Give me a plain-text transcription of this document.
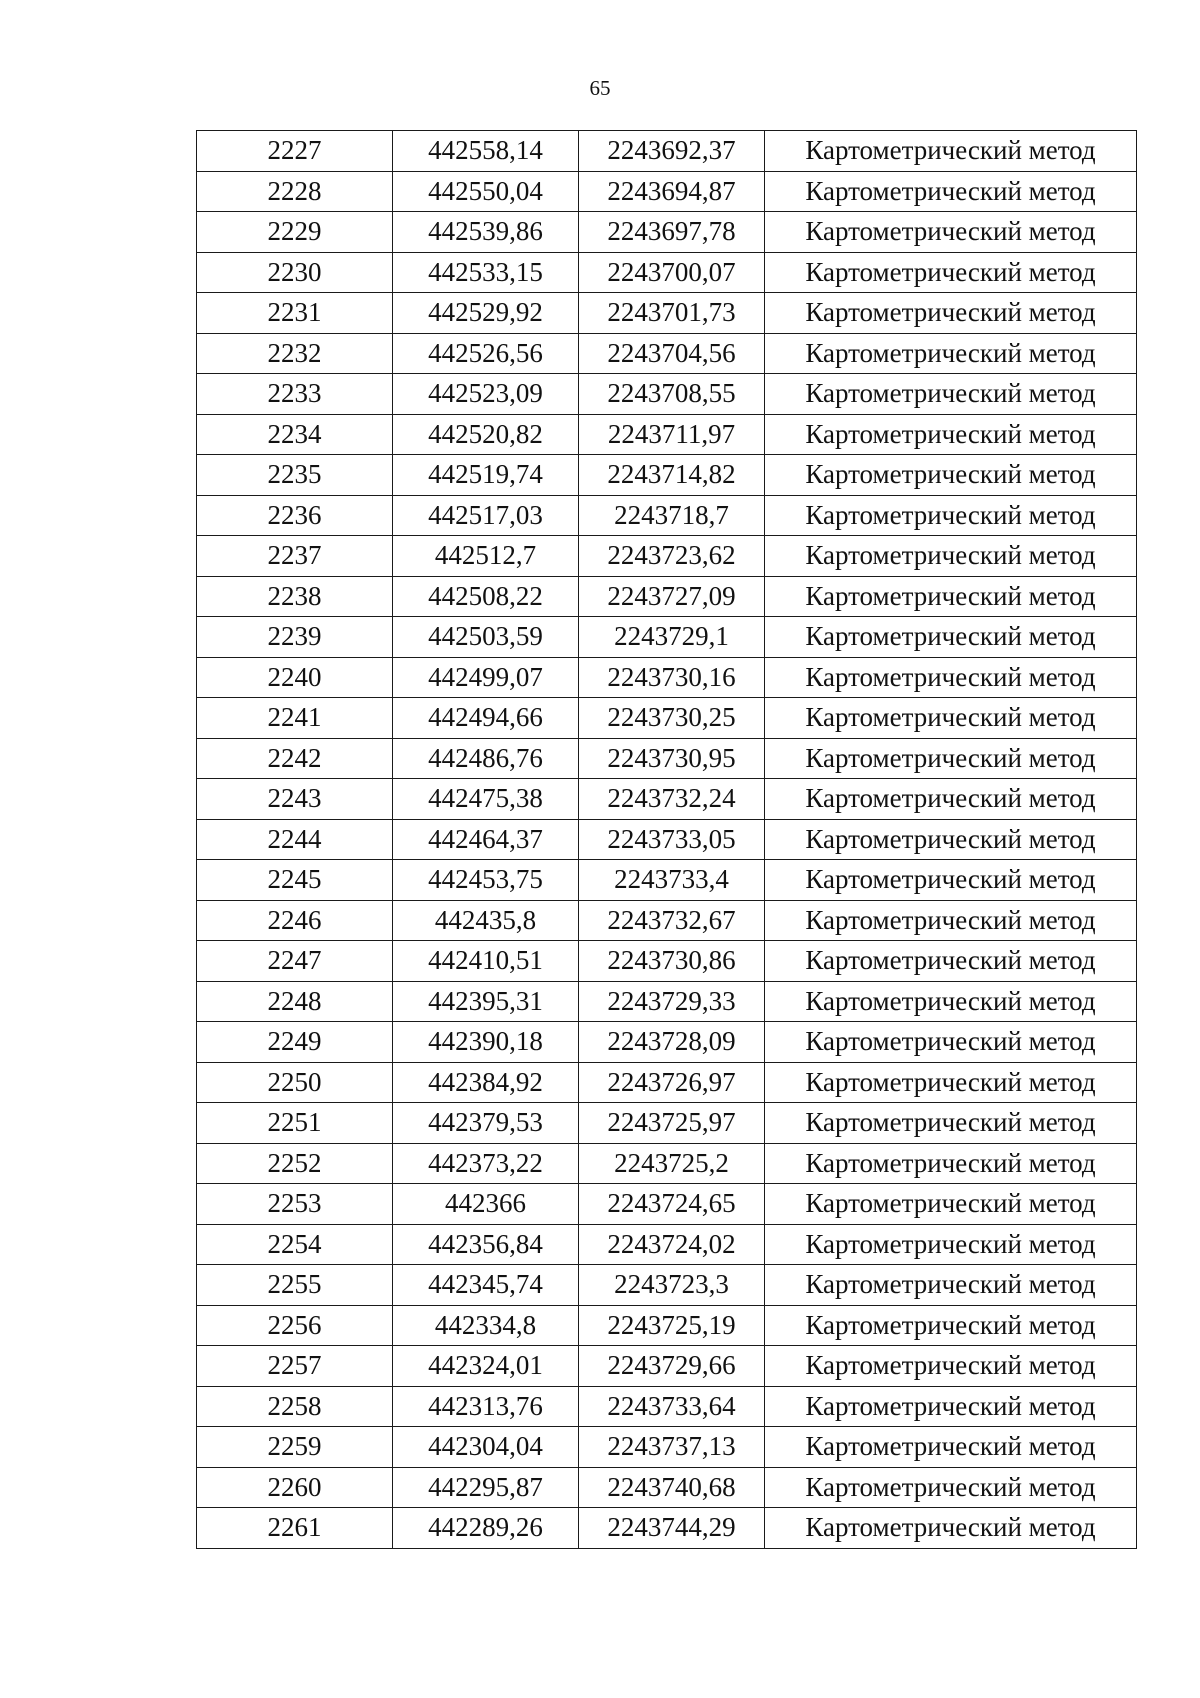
65
2227	442558,14	2243692,37	Картометрический метод
2228	442550,04	2243694,87	Картометрический метод
2229	442539,86	2243697,78	Картометрический метод
2230	442533,15	2243700,07	Картометрический метод
2231	442529,92	2243701,73	Картометрический метод
2232	442526,56	2243704,56	Картометрический метод
2233	442523,09	2243708,55	Картометрический метод
2234	442520,82	2243711,97	Картометрический метод
2235	442519,74	2243714,82	Картометрический метод
2236	442517,03	2243718,7	Картометрический метод
2237	442512,7	2243723,62	Картометрический метод
2238	442508,22	2243727,09	Картометрический метод
2239	442503,59	2243729,1	Картометрический метод
2240	442499,07	2243730,16	Картометрический метод
2241	442494,66	2243730,25	Картометрический метод
2242	442486,76	2243730,95	Картометрический метод
2243	442475,38	2243732,24	Картометрический метод
2244	442464,37	2243733,05	Картометрический метод
2245	442453,75	2243733,4	Картометрический метод
2246	442435,8	2243732,67	Картометрический метод
2247	442410,51	2243730,86	Картометрический метод
2248	442395,31	2243729,33	Картометрический метод
2249	442390,18	2243728,09	Картометрический метод
2250	442384,92	2243726,97	Картометрический метод
2251	442379,53	2243725,97	Картометрический метод
2252	442373,22	2243725,2	Картометрический метод
2253	442366	2243724,65	Картометрический метод
2254	442356,84	2243724,02	Картометрический метод
2255	442345,74	2243723,3	Картометрический метод
2256	442334,8	2243725,19	Картометрический метод
2257	442324,01	2243729,66	Картометрический метод
2258	442313,76	2243733,64	Картометрический метод
2259	442304,04	2243737,13	Картометрический метод
2260	442295,87	2243740,68	Картометрический метод
2261	442289,26	2243744,29	Картометрический метод
